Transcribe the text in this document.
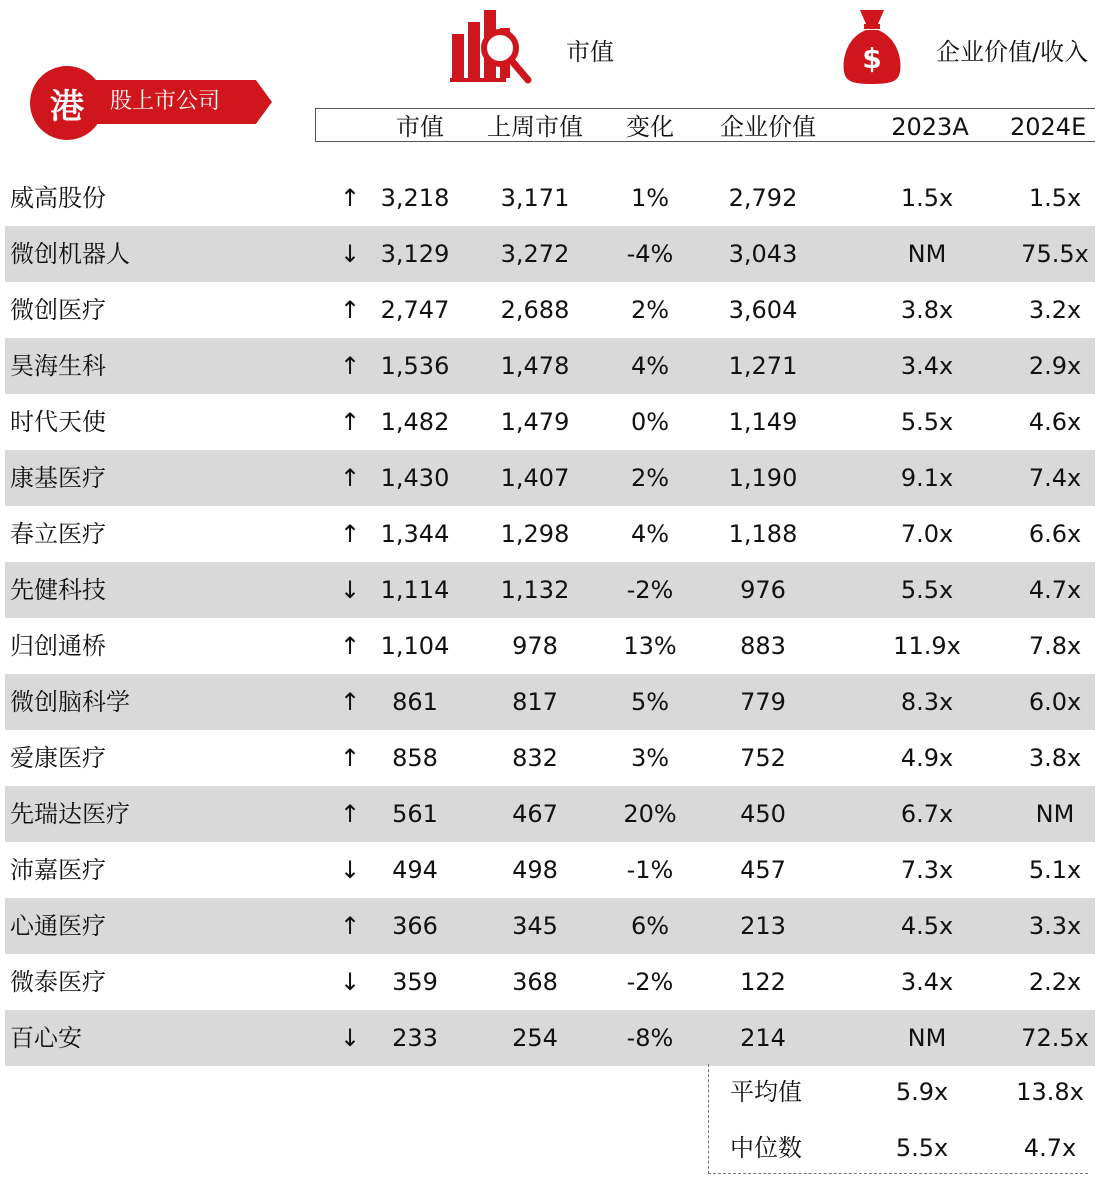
港	股上市公司
市值	$ 企业价值/收入
市值	上周市值	变化	企业价值	2023A	2024E
威高股份	↑ 3,218	3,171	1%	2,792	1.5x	1.5x
微创机器人	↓ 3,129	3,272	-4%	3,043	NM	75.5x
微创医疗	↑ 2,747	2,688	2%	3,604	3.8x	3.2x
昊海生科	↑ 1,536	1,478	4%	1,271	3.4x	2.9x
时代天使	↑ 1,482	1,479	0%	1,149	5.5x	4.6x
康基医疗	↑ 1,430	1,407	2%	1,190	9.1x	7.4x
春立医疗	↑ 1,344	1,298	4%	1,188	7.0x	6.6x
先健科技	↓ 1,114	1,132	-2%	976	5.5x	4.7x
归创通桥	↑ 1,104	978	13%	883	11.9x	7.8x
微创脑科学	↑	861	817	5%	779	8.3x	6.0x
爱康医疗	↑	858	832	3%	752	4.9x	3.8x
先瑞达医疗	↑	561	467	20%	450	6.7x	NM
沛嘉医疗	↓	494	498	-1%	457	7.3x	5.1x
心通医疗	↑	366	345	6%	213	4.5x	3.3x
微泰医疗	↓	359	368	-2%	122	3.4x	2.2x
百心安	↓	233	254	-8%	214	NM	72.5x
平均值	5.9x	13.8x
中位数	5.5x	4.7x
